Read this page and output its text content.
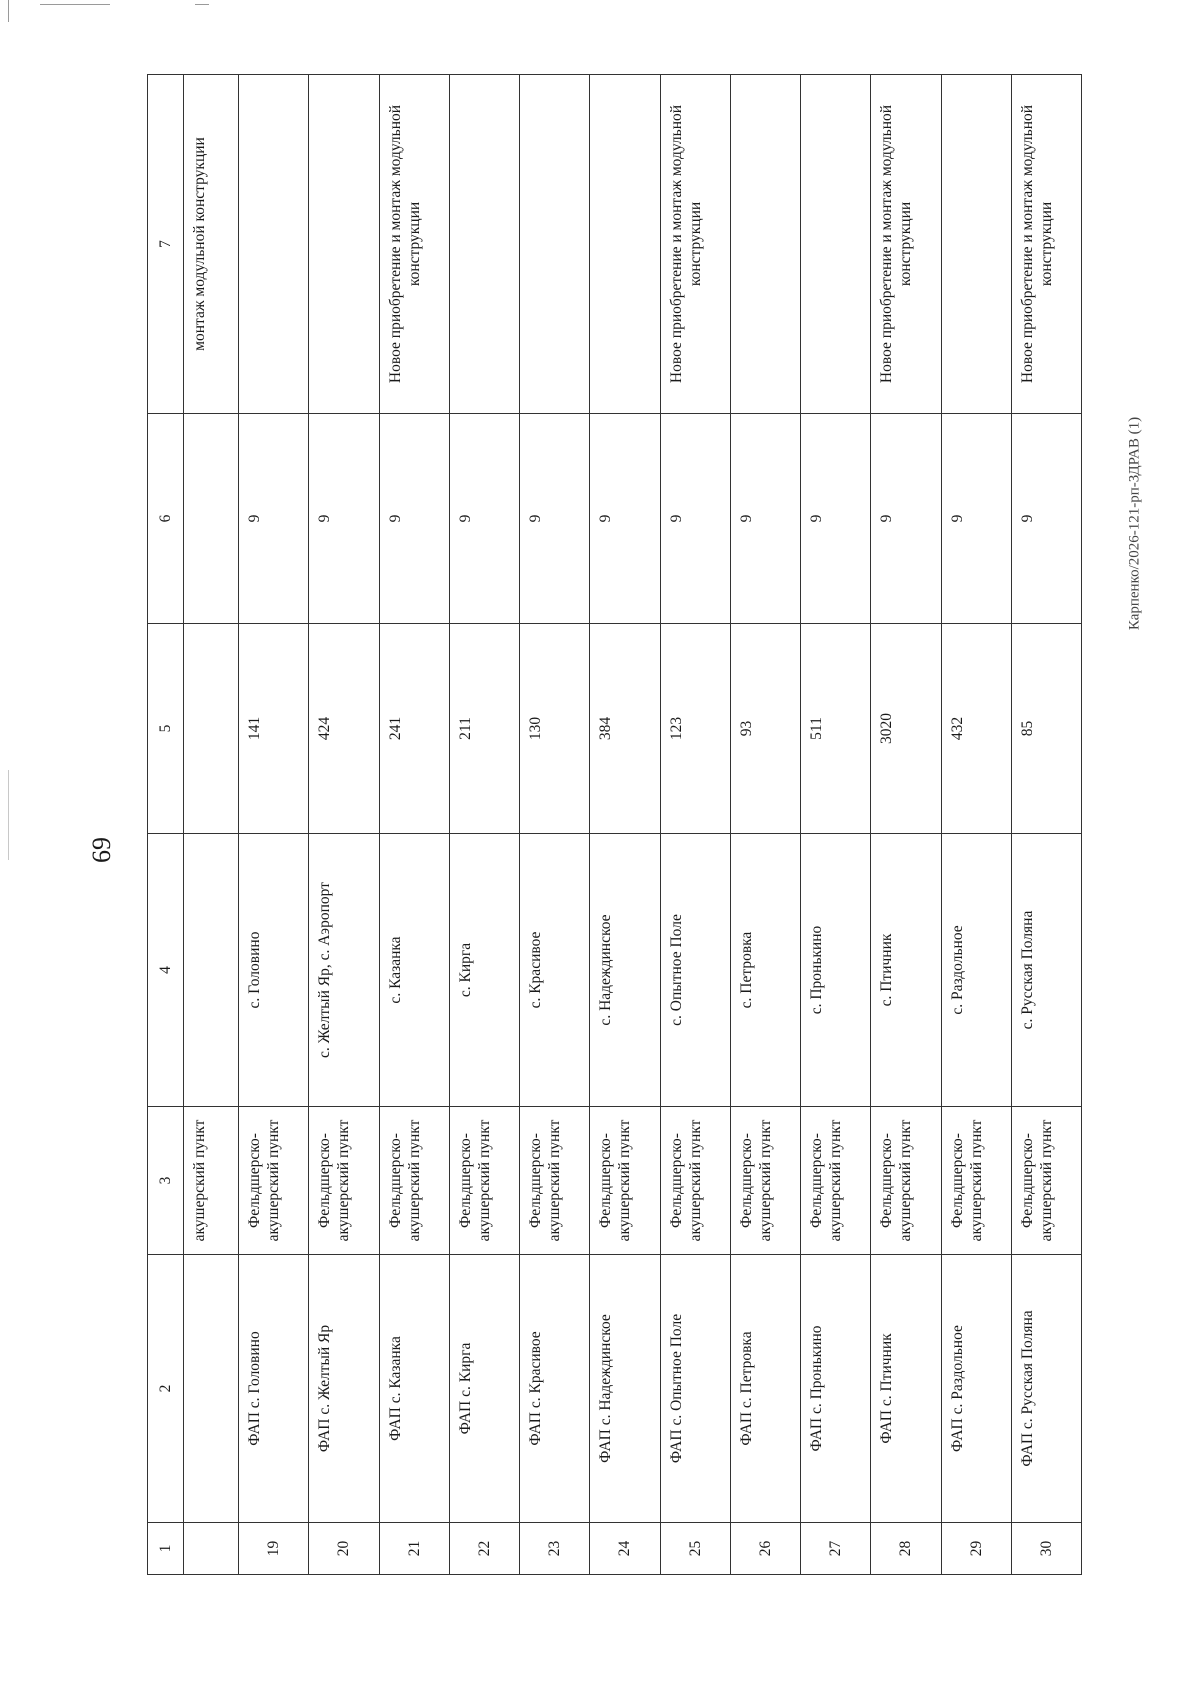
69
Карпенко/2026-121-рп-ЗДРАВ (1)
1	2	3	4	5	6	7
		акушерский пункт				монтаж модульной конструкции
19	ФАП с. Головино	Фельдшерско-акушерский пункт	с. Головино	141	9	
20	ФАП с. Желтый Яр	Фельдшерско-акушерский пункт	с. Желтый Яр, с. Аэропорт	424	9	
21	ФАП с. Казанка	Фельдшерско-акушерский пункт	с. Казанка	241	9	Новое приобретение и монтаж модульной конструкции
22	ФАП с. Кирга	Фельдшерско-акушерский пункт	с. Кирга	211	9	
23	ФАП с. Красивое	Фельдшерско-акушерский пункт	с. Красивое	130	9	
24	ФАП с. Надеждинское	Фельдшерско-акушерский пункт	с. Надеждинское	384	9	
25	ФАП с. Опытное Поле	Фельдшерско-акушерский пункт	с. Опытное Поле	123	9	Новое приобретение и монтаж модульной конструкции
26	ФАП с. Петровка	Фельдшерско-акушерский пункт	с. Петровка	93	9	
27	ФАП с. Пронькино	Фельдшерско-акушерский пункт	с. Пронькино	511	9	
28	ФАП с. Птичник	Фельдшерско-акушерский пункт	с. Птичник	3020	9	Новое приобретение и монтаж модульной конструкции
29	ФАП с. Раздольное	Фельдшерско-акушерский пункт	с. Раздольное	432	9	
30	ФАП с. Русская Поляна	Фельдшерско-акушерский пункт	с. Русская Поляна	85	9	Новое приобретение и монтаж модульной конструкции
